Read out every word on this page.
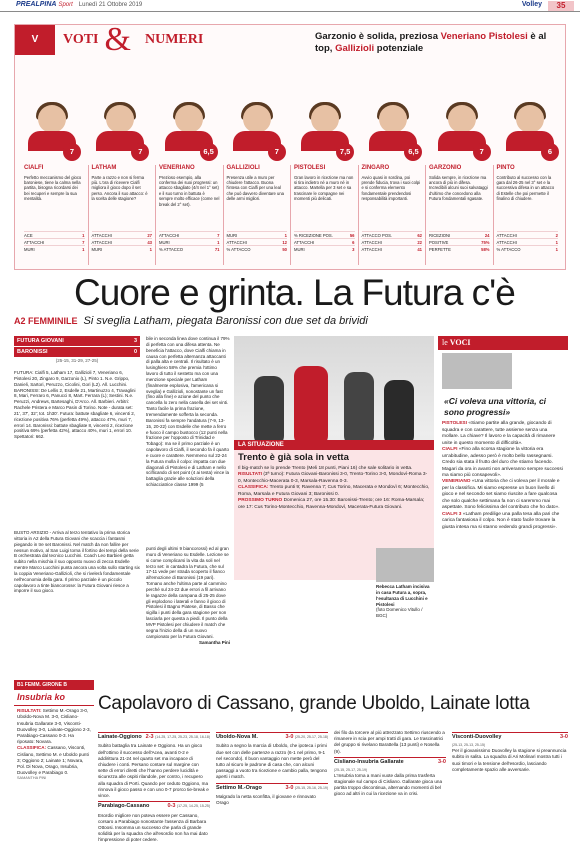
PREALPINA Sport Lunedì 21 Ottobre 2019	Volley	35
V	VOTI & NUMERI	Garzonio è solida, preziosa Veneriano Pistolesi è al top, Gallizioli potenziale
7	7	6,5	7	7,5	6,5	7	6
CIALFI

Perfetto meccanismo del gioco baroniese, tiene la calma nella partita, bisogna ricordarsi dei bei recuperi e sempre la sua mentalità.

ACE	1
ATTACCHI	7
MURI	1
LATHAM

Parte a razzo e non si ferma più. L'ora di ricevere Cialfi migliora il gioco dopo il set perso. Ancora il suo attacco: è la scelta delle stagione?

ATTACCHI	27
ATTACCHI	43
MURI	1
VENERIANO

Prezioso esempio, alla conferma dei suoi progressi: un attacco sbagliato (4/4 nel 1° set) e il suo turno in battuta è sempre molto efficace (come nel break del 2° set).

ATTACCHI	7
MURI	1
% ATTACCO	71
GALLIZIOLI

Presenza utile a muro per chiudere l'attacco. Buona l'intesa con Cialfi per una leal che può davvero diventare una delle armi migliori.

MURI	1
ATTACCHI	12
% ATTACCO	50
PISTOLESI

Gran lavoro in ricezione ma non si tira indietro né a muro né in attacco. Martella per 3 set e sa trascinare le compagne nei momenti più delicati.

% RICEZIONE POS.	56
ATTACCHI	6
MURI	3
ZINGARO

Avvio quasi in sordina, poi prende fiducia, trova i suoi colpi e si conferma elemento fondamentale prendendosi responsabilità importanti.

ATTACCO POS.	62
ATTACCHI	22
ATTACCHI	41
GARZONIO

Solida sempre, in ricezione ma ancora di più in difesa. Incredibili alcuni suoi salvataggi d'ultimo che concedono alla Futura fondamentali sgasate.

RICEZIONI	24
POSITIVE	75%
PERFETTE	58%
PINTO

Contributo al successo con la gara dal 26-25 nel 3° set e la successiva difesa in un attacco di Estelle che poi permette il finalino di chiudere.

ATTACCHI	2
ATTACCHI	1
% ATTACCO	1
Cuore e grinta. La Futura c'è
A2 FEMMINILE Si sveglia Latham, piegata Baronissi con due set da brividi
FUTURA GIOVANI	3
BARONISSI	0
(25-15, 31-29, 27-25)
FUTURA: Cialfi 5, Latham 17, Gallizioli 7, Veneriano 6, Pistolesi 20, Zingaro 9, Garzonio (L), Pinto 1. N.e. Grippo, Danieli, Sartori, Peruzzo, Cicolini, Gori (L2). All. Lucchini. BARONISSI: De Lellis 2, Esdelle 21, Martinuzzo 4, Travaglini 8, Mari, Ferraro 6, Panucci 8, Mart. Ferrara (L); Sestini. N.e. Peruzzi, Andrews, Bartesaghi, D'Arco. All. Barbieri. Arbitri: Rachele Pristera e Marco Pasin di Torino. Note - durata set: 21', 37', 32'; tot. 1h30'. Futura: battute sbagliate 6, vincenti 2, ricezione positiva 76% (perfetta 49%), attacco 47%, muri 7, errori 14. Baronissi: battute sbagliate 8, vincenti 2, ricezione positiva 69% (perfetta 42%), attacco 40%, muri 1, errori 10. Spettatori: 662.
BUSTO ARSIZIO - Arriva al terzo tentativo la prima storica vittoria in A2 della Futura Giovani che scaccia i fantasmi piegando in tre set Baronissi. Nel match da non fallire per nessun motivo, al San Luigi torna il fortino dei tempi della serie B orchestrata dal tecnico Lucchini. Coach Leo Barbieri getta subito nella mischia il suo opposto nuovo di zecca Esdelle mentre Marco Lucchini punta ancora una volta sullo starting six la coppia Veneriano-Gallizioli, che si rivelerà fondamentale nell'economia della gara. Il primo parziale è un piccolo capolavoro a tinte biancorosse: la Futura Giovani riesce a imporre il suo gioco.
bile in seconda linea dove continua il 79% di perfetta con una difesa attenta. Ne beneficia l'attacco, dove Cialfi chiama in causa con perfetta alternanza attaccanti di palla alta e centrali. Il risultato è un lusinghiero 58% che premia l'ottimo lavoro di tutto il sestetto ma con una menzione speciale per Latham (finalmente esplosiva, l'americana si sveglia) e Gallizioli, nonostante un fast (fino alla fine) e azione del punto che cancella lo zero nella casella dei set vinti. Tanto facile la prima frazione, tremendamente sofferta la seconda. Baronissi fa sempre l'andatura (7-9, 13-15, 20-22) con Esdelle che mette a ferro e fuoco il campo bustocco (12 punti nella frazione per l'opposto di Trinidad e Tobago): ma se il primo parziale è un capolavoro di Cialfi, il secondo fa il quarto e cuore e carattere. Nemmeno sul 22-24 la Futura molla il colpo: impatta con due diagonali di Pistolesi e di Latham e nello sciflicando di set point (4 ai testa) vince la battaglia grazie alle soluzioni della schiacciatrice classe 1999 (5
punti degli ultimi 9 biancorossi) ed al gran muro di Veneriano su Esdelle. Lezione se si come complicarsi la vita da soli nel terzo set: in cantadra la Futura, che sul 17-11 vede per strada scoperto il fianco all'emozione di Baronissi (19 pari). Tornano anche l'ultima parte al cammino perché sul 24-22 due errori a fil arrivano le ragazze della campana di 25-25 dove gli esplodono i laterali e fanno il gioco di Pistolesi il Bagno Piatese, di Basso che sigilla i punti della gara stagione per non lasciarla per questa a piedi. Il punto della MVP Pistolesi per chiudere il match che segna l'inizio della di un nuovo campionato per la Futura Giovani.
Samantha Pini
LA SITUAZIONE
Trento è già sola in vetta

Il big-match se lo prende Trento (Meli 18 punti, Piani 16) che sale solitario in vetta.

RISULTATI (3ª turno): Futura Giovani-Baronissi 3-0, Trento-Torino 3-0, Mondovì-Roma 3-0, Montecchio-Macerata 0-3, Marsala-Ravenna 0-3.

CLASSIFICA: Trento punti 9; Ravenna 7; Cus Torino, Macerata e Mondovì 6; Montecchio, Roma, Marsala e Futura Giovani 3; Baronissi 0.

PROSSIMO TURNO Domenica 27, ore 15.30: Baronissi-Trento; ore 16: Roma-Marsala; ore 17: Cus Torino-Montecchio, Ravenna-Mondovì, Macerata-Futura Giovani.

Rebecca Latham incisiva in casa Futura a, sopra, l'esultanza di Lucchini e Pistolesi
(foto Domenico Vitullo / BGC)
le VOCI
«Ci voleva una vittoria, ci sono progressi»

PISTOLESI «Siamo partite alla grande, giocando di squadra e con carattere, tutte assieme senza una mollare. La chiave? Il lavoro e la capacità di rimanere unite in questo momento di difficoltà».

CIALFI «Fino alla scorsa stagione la vittoria era un'abitudine, adesso però è molto bello rassegnarsi. Credo sia stata il frutto del duro che stiamo facendo. Magari da ora in avanti non arriveranno sempre successi ma siamo più consapevoli».

VENERIANO «Una vittoria che ci voleva per il morale e per la classifica. Mi siamo espresse un buon livello di gioco e nel secondo set siamo riuscite a fare qualcosa che solo qualche settimana fa non ci saremmo mai aspettate. Sono felicissima del contributo che ho dato».

CIALFI 3 «Latham predilige una palla tesa alla pari che carica fantasiosa il colpo. Non è stato facile trovare la giusta intesa ma si stanno vedendo grandi progressi».

B1 FEMM. GIRONE B
Insubria ko

RISULTATI: Settimo M.-Orago 3-0, Uboldo-Nova M. 3-0, Cisliano-Insubria Gallarate 3-0, Visconti-Duovolley 3-0, Lainate-Oggiono 2-3, Parabiago-Cassano 0-3. Ha riposato: Novara.

CLASSIFICA: Cassano, Visconti, Cisliano, Settimo M. e Uboldo punti 3; Oggiono 2; Lainate 1; Novara, Pol. Di Nova, Orago, Insubria, Duovolley e Parabiago 0.

SAMANTHA PINI

Capolavoro di Cassano, grande Uboldo, Lainate lotta
Lainate-Oggiono 2-3 (14-25, 17-25, 25-23, 25-18, 16-18)

Subito battaglia tra Lainate e Oggiono. Ha un gioco dell'ottimo il successo dell'Acea, avanti 0-2 e addirittura 21-24 nel quarto set ma incapace di chiudere i conti. Persano contare sul margine con sette di errori diretti che l'hanno perdere lucidità e sicurezza alle ospiti rilandole, per contro, i recupero alla squadra di Porti. Quando per ceduto Oggiono, ma rinnova il gioco passo e con uno 0-7 prorco tie-break e vince.

Parabiago-Cassano	0-3 (17-25, 14-25, 15-25)

Esordio migliore non poteva essere per Cassano, corsaro a Parabiago nonostante l'assenza di Barbara Ottoosi. Insomma un successo che parla di grande solidità per la squadra che all'esordio non ha mai dato l'impressione di poter cedere.

Uboldo-Nova M.	3-0 (25-20, 25-17, 25-18)

Subito a segno la marcia di Uboldo, che ipoteca i primi due set con delle partenze a razzo (6-1 nel primo, 9-1 nel secondo). Il buon vantaggio non mette però del tutto al sicuro le padrone di casa che, con alcuni passaggi a vuoto tra ricezione e cambio palla, tengono aperti i match.

Settimo M.-Orago	3-0 (25-15, 25-16, 25-19)

Malgrado la netta sconfitta, il giovane e rinnovato Orago

dei filo da torcere al più attrezzato Settimo riuscendo a rimanere in scia per ampi tratti di gara. Le trascinatrici del gruppo si rivelano Barattella (13 punti) e Nosella (9).

Cisliano-Insubria Gallarate	3-0

(25-15, 25-17, 25-19)

L'Insubria torna a mani vuote dalla prima trasferta stagionale sul campo di Cisliano. Gallarate gioca una partita troppo discontinua, alternando momenti di bel gioco ad altri in cui la ricezione va in crisi.

Visconti-Duovolley	3-0

(25-13, 25-13, 25-15)

Per il giovanissimo Duovolley la stagione si preannuncia subito in salita. La squadra di Ari Molinari mostra tutti i suoi timori e la tensione dell'esordio, lasciando completamente spazio alle avversarie.
